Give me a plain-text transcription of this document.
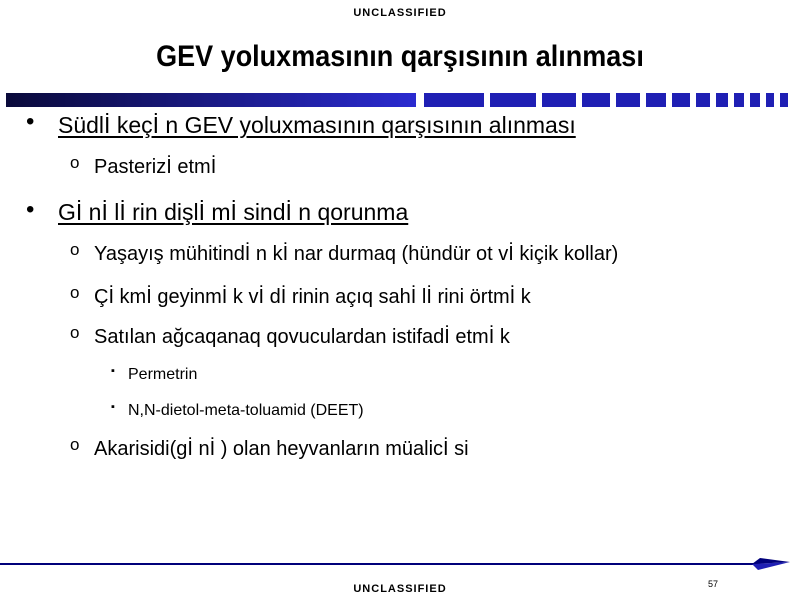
UNCLASSIFIED
GEV yoluxmasının qarşısının alınması
• Südlİ keçİ n GEV yoluxmasının qarşısının alınması
o Pasterizİ etmİ
• Gİ nİ lİ rin dişlİ mİ sindİ n qorunma
o Yaşayış mühitindİ n kİ nar durmaq (hündür ot vİ kiçik kollar)
o Çİ kmİ geyinmİ k vİ dİ rinin açıq sahİ lİ rini örtmİ k
o Satılan ağcaqanaq qovuculardan istifadİ etmİ k
▪ Permetrin
▪ N,N-dietol-meta-toluamid (DEET)
o Akarisidi(gİ nİ ) olan heyvanların müalicİ si
UNCLASSIFIED	57
